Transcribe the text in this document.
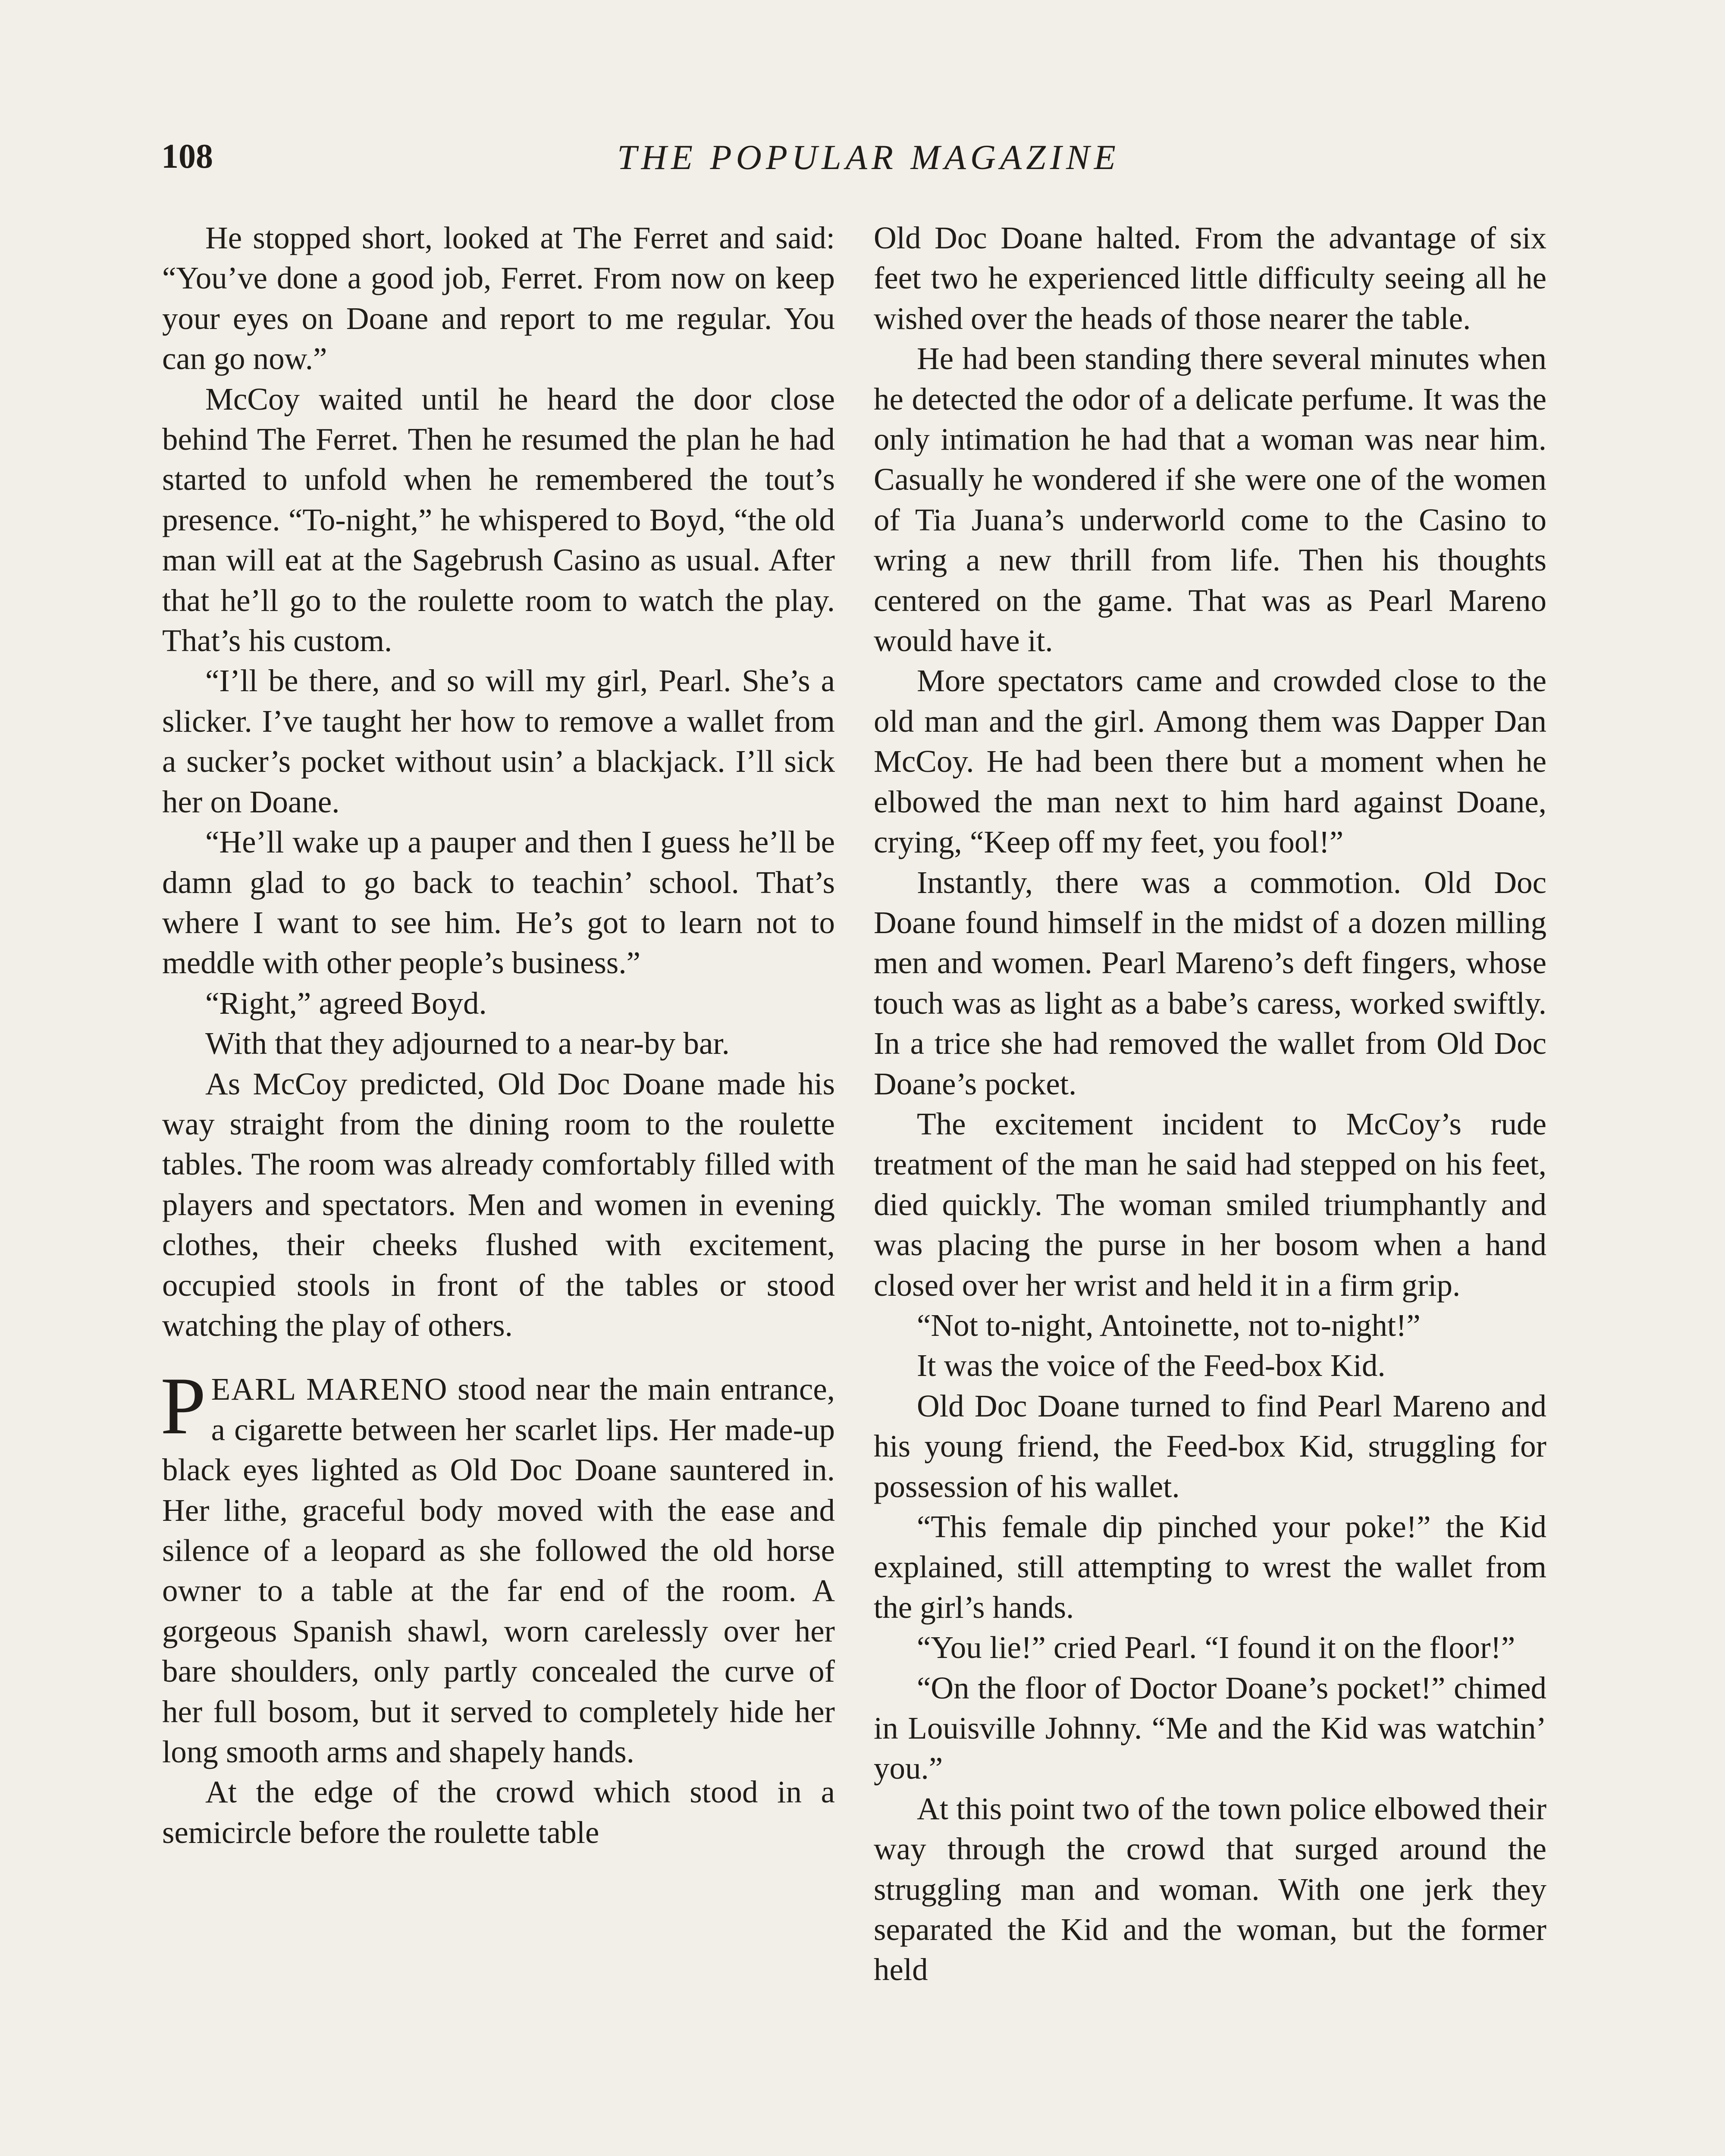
108	THE POPULAR MAGAZINE

He stopped short, looked at The Ferret and said: “You’ve done a good job, Ferret. From now on keep your eyes on Doane and report to me regular. You can go now.”

McCoy waited until he heard the door close behind The Ferret. Then he resumed the plan he had started to unfold when he remembered the tout’s presence. “To-night,” he whispered to Boyd, “the old man will eat at the Sagebrush Casino as usual. After that he’ll go to the roulette room to watch the play. That’s his custom.

“I’ll be there, and so will my girl, Pearl. She’s a slicker. I’ve taught her how to remove a wallet from a sucker’s pocket without usin’ a blackjack. I’ll sick her on Doane.

“He’ll wake up a pauper and then I guess he’ll be damn glad to go back to teachin’ school. That’s where I want to see him. He’s got to learn not to meddle with other people’s business.”

“Right,” agreed Boyd.

With that they adjourned to a near-by bar.

As McCoy predicted, Old Doc Doane made his way straight from the dining room to the roulette tables. The room was already comfortably filled with players and spectators. Men and women in evening clothes, their cheeks flushed with excitement, occupied stools in front of the tables or stood watching the play of others.

PEARL MARENO stood near the main entrance, a cigarette between her scarlet lips. Her made-up black eyes lighted as Old Doc Doane sauntered in. Her lithe, graceful body moved with the ease and silence of a leopard as she followed the old horse owner to a table at the far end of the room. A gorgeous Spanish shawl, worn carelessly over her bare shoulders, only partly concealed the curve of her full bosom, but it served to completely hide her long smooth arms and shapely hands.

At the edge of the crowd which stood in a semicircle before the roulette table

Old Doc Doane halted. From the advantage of six feet two he experienced little difficulty seeing all he wished over the heads of those nearer the table.

He had been standing there several minutes when he detected the odor of a delicate perfume. It was the only intimation he had that a woman was near him. Casually he wondered if she were one of the women of Tia Juana’s underworld come to the Casino to wring a new thrill from life. Then his thoughts centered on the game. That was as Pearl Mareno would have it.

More spectators came and crowded close to the old man and the girl. Among them was Dapper Dan McCoy. He had been there but a moment when he elbowed the man next to him hard against Doane, crying, “Keep off my feet, you fool!”

Instantly, there was a commotion. Old Doc Doane found himself in the midst of a dozen milling men and women. Pearl Mareno’s deft fingers, whose touch was as light as a babe’s caress, worked swiftly. In a trice she had removed the wallet from Old Doc Doane’s pocket.

The excitement incident to McCoy’s rude treatment of the man he said had stepped on his feet, died quickly. The woman smiled triumphantly and was placing the purse in her bosom when a hand closed over her wrist and held it in a firm grip.

“Not to-night, Antoinette, not to-night!”

It was the voice of the Feed-box Kid.

Old Doc Doane turned to find Pearl Mareno and his young friend, the Feed-box Kid, struggling for possession of his wallet.

“This female dip pinched your poke!” the Kid explained, still attempting to wrest the wallet from the girl’s hands.

“You lie!” cried Pearl. “I found it on the floor!”

“On the floor of Doctor Doane’s pocket!” chimed in Louisville Johnny. “Me and the Kid was watchin’ you.”

At this point two of the town police elbowed their way through the crowd that surged around the struggling man and woman. With one jerk they separated the Kid and the woman, but the former held
